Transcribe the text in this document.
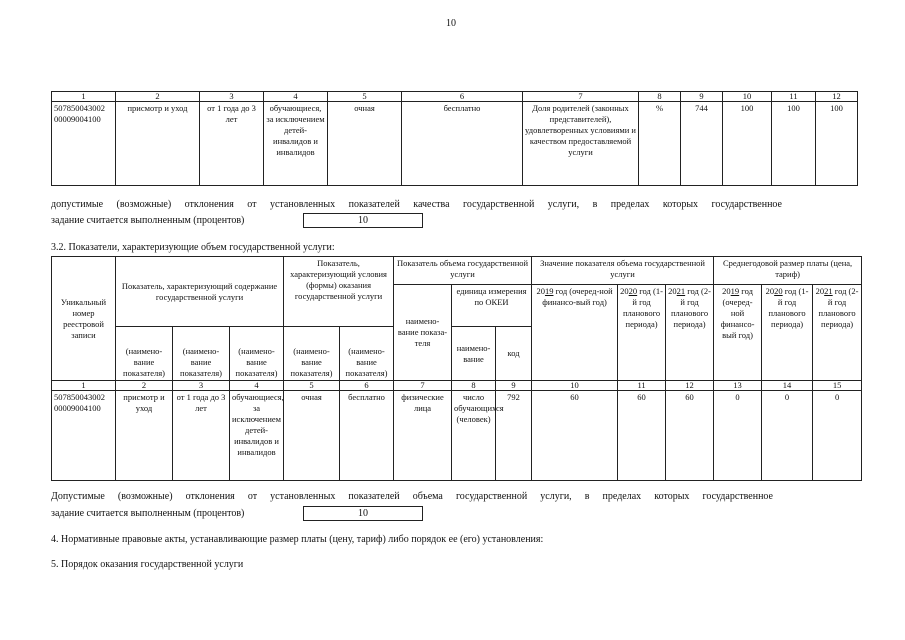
10
1	2	3	4	5	6	7	8	9	10	11	12
507850043002 00009004100	присмотр и уход	от 1 года до 3 лет	обучающиеся, за исключением детей-инвалидов и инвалидов	очная	бесплатно	Доля родителей (законных представителей), удовлетворенных условиями и качеством предоставляемой услуги	%	744	100	100	100
допустимые (возможные) отклонения от установленных показателей качества государственной услуги, в пределах которых государственное
задание считается выполненным (процентов)	10
3.2. Показатели, характеризующие объем государственной услуги:
Уникальный номер реестровой записи	Показатель, характеризующий содержание государственной услуги			Показатель, характеризующий условия (формы) оказания государственной услуги		Показатель объема государственной услуги			Значение показателя объема государственной услуги			Среднегодовой размер платы (цена, тариф)		
						наимено-вание показа-теля	единица измерения по ОКЕИ		2019 год (очеред-ной финансо-вый год)	2020 год (1-й год планового периода)	2021 год (2-й год планового периода)	2019 год (очеред-ной финансо-вый год)	2020 год (1-й год планового периода)	2021 год (2-й год планового периода)
	(наимено-вание показателя)	(наимено-вание показателя)	(наимено-вание показателя)	(наимено-вание показателя)	(наимено-вание показателя)		наимено-вание	код						
1	2	3	4	5	6	7	8	9	10	11	12	13	14	15
507850043002 00009004100	присмотр и уход	от 1 года до 3 лет	обучающиеся, за исключением детей-инвалидов и инвалидов	очная	бесплатно	физические лица	число обучающихся (человек)	792	60	60	60	0	0	0
Допустимые (возможные) отклонения от установленных показателей объема государственной услуги, в пределах которых государственное
задание считается выполненным (процентов)	10
4. Нормативные правовые акты, устанавливающие размер платы (цену, тариф) либо порядок ее (его) установления:
5. Порядок оказания государственной услуги
